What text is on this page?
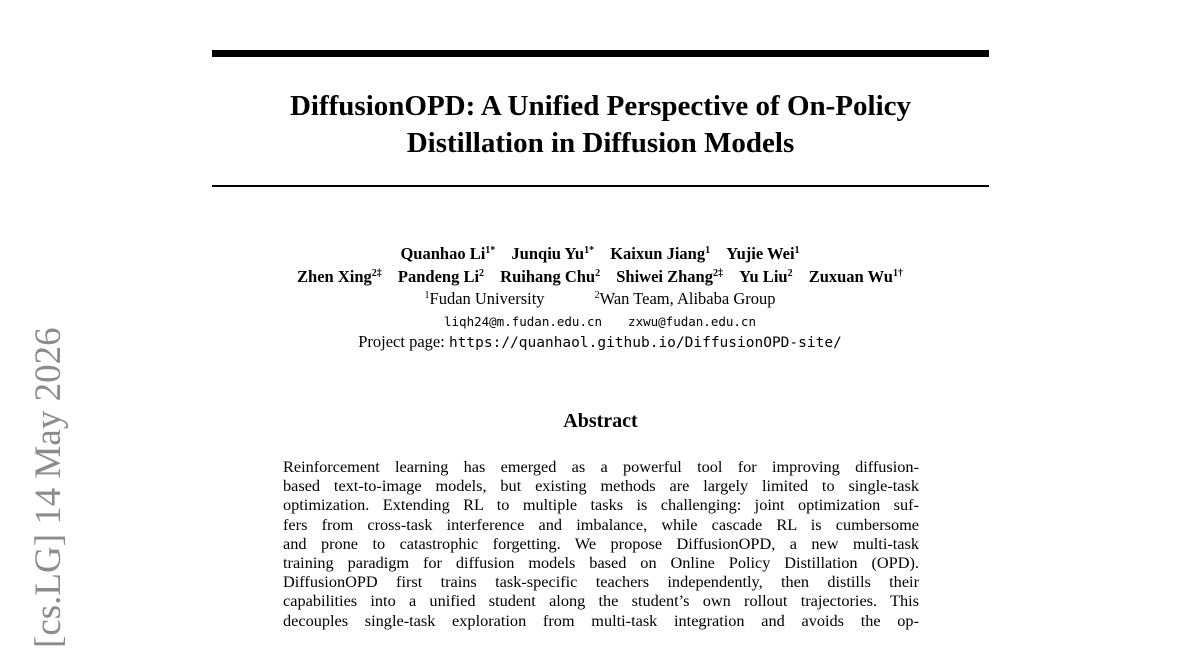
DiffusionOPD: A Unified Perspective of On-Policy
Distillation in Diffusion Models
Quanhao $Li^{1*}$ Junqiu $Yu^{1*}$ Kaixun Jiang$^1$ Yujie Wei$^1$
Zhen Xing$^{2\ddagger}$ Pandeng Li$^2$ Ruihang Chu$^2$ Shiwei Zhang$^{2\ddagger}$ Yu Liu$^2$ Zuxuan $Wu^{1\dagger}$
$^1$Fudan University	$^2$Wan Team, Alibaba Group
liqh24@m.fudan.edu.cn zxwu@fudan.edu.cn
Project page: https://quanhaol.github.io/DiffusionOPD-site/
Abstract
Reinforcement learning has emerged as a powerful tool for improving diffusion-
based text-to-image models, but existing methods are largely limited to single-task
optimization. Extending RL to multiple tasks is challenging: joint optimization suf-
fers from cross-task interference and imbalance, while cascade RL is cumbersome
and prone to catastrophic forgetting. We propose DiffusionOPD, a new multi-task
training paradigm for diffusion models based on Online Policy Distillation (OPD).
DiffusionOPD first trains task-specific teachers independently, then distills their
capabilities into a unified student along the student’s own rollout trajectories. This
decouples single-task exploration from multi-task integration and avoids the op-
[cs.LG] 14 May 2026
